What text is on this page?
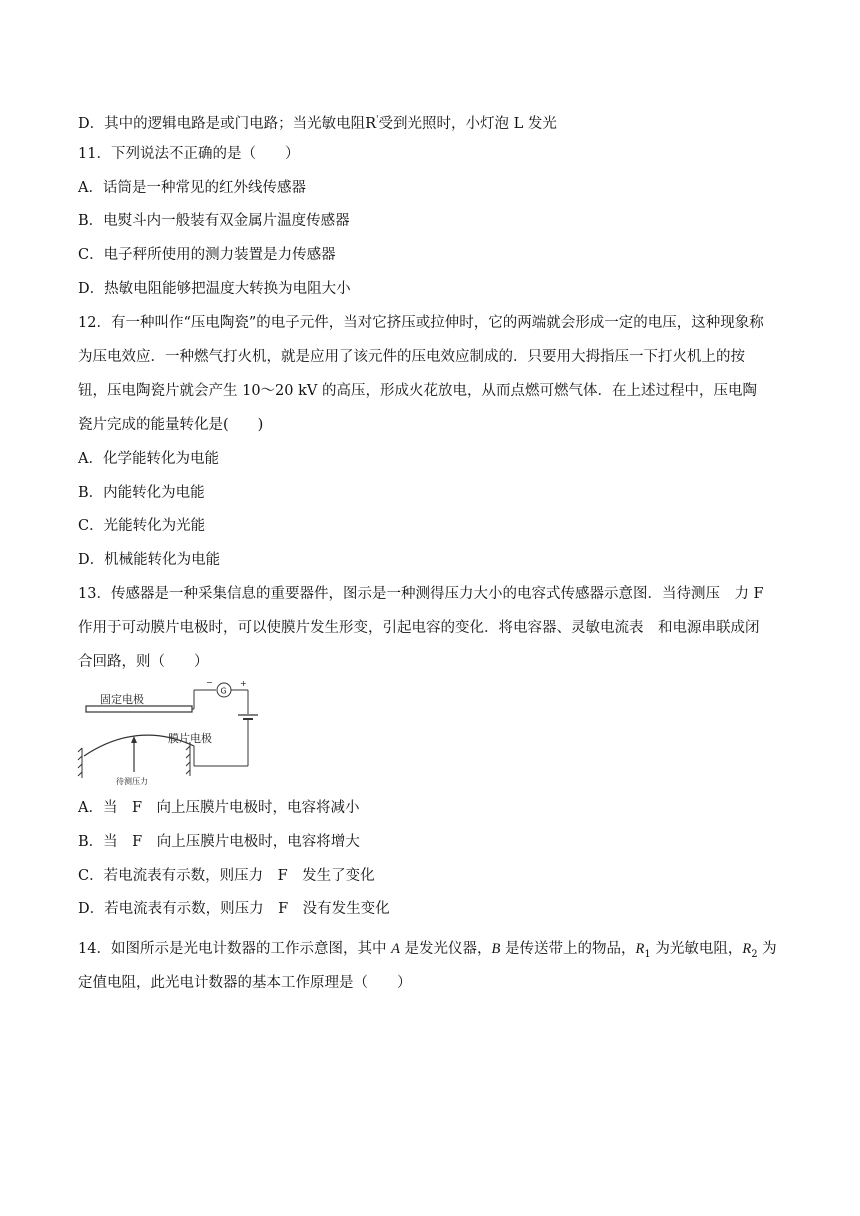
D．其中的逻辑电路是或门电路；当光敏电阻R'受到光照时，小灯泡 L 发光
11．下列说法不正确的是（　　）
A．话筒是一种常见的红外线传感器
B．电熨斗内一般装有双金属片温度传感器
C．电子秤所使用的测力装置是力传感器
D．热敏电阻能够把温度大转换为电阻大小
12．有一种叫作“压电陶瓷”的电子元件，当对它挤压或拉伸时，它的两端就会形成一定的电压，这种现象称
为压电效应．一种燃气打火机，就是应用了该元件的压电效应制成的．只要用大拇指压一下打火机上的按
钮，压电陶瓷片就会产生 10～20 kV 的高压，形成火花放电，从而点燃可燃气体．在上述过程中，压电陶
瓷片完成的能量转化是(　　)
A．化学能转化为电能
B．内能转化为电能
C．光能转化为光能
D．机械能转化为电能
13．传感器是一种采集信息的重要器件，图示是一种测得压力大小的电容式传感器示意图．当待测压　力 F
作用于可动膜片电极时，可以使膜片发生形变，引起电容的变化．将电容器、灵敏电流表　和电源串联成闭
合回路，则（　　）
固定电极
G
−	+
膜片电极
待测压力
A．当　F　向上压膜片电极时，电容将减小
B．当　F　向上压膜片电极时，电容将增大
C．若电流表有示数，则压力　F　发生了变化
D．若电流表有示数，则压力　F　没有发生变化
14．如图所示是光电计数器的工作示意图，其中 A 是发光仪器，B 是传送带上的物品，$R_1$ 为光敏电阻，$R_2$ 为
定值电阻，此光电计数器的基本工作原理是（　　）
